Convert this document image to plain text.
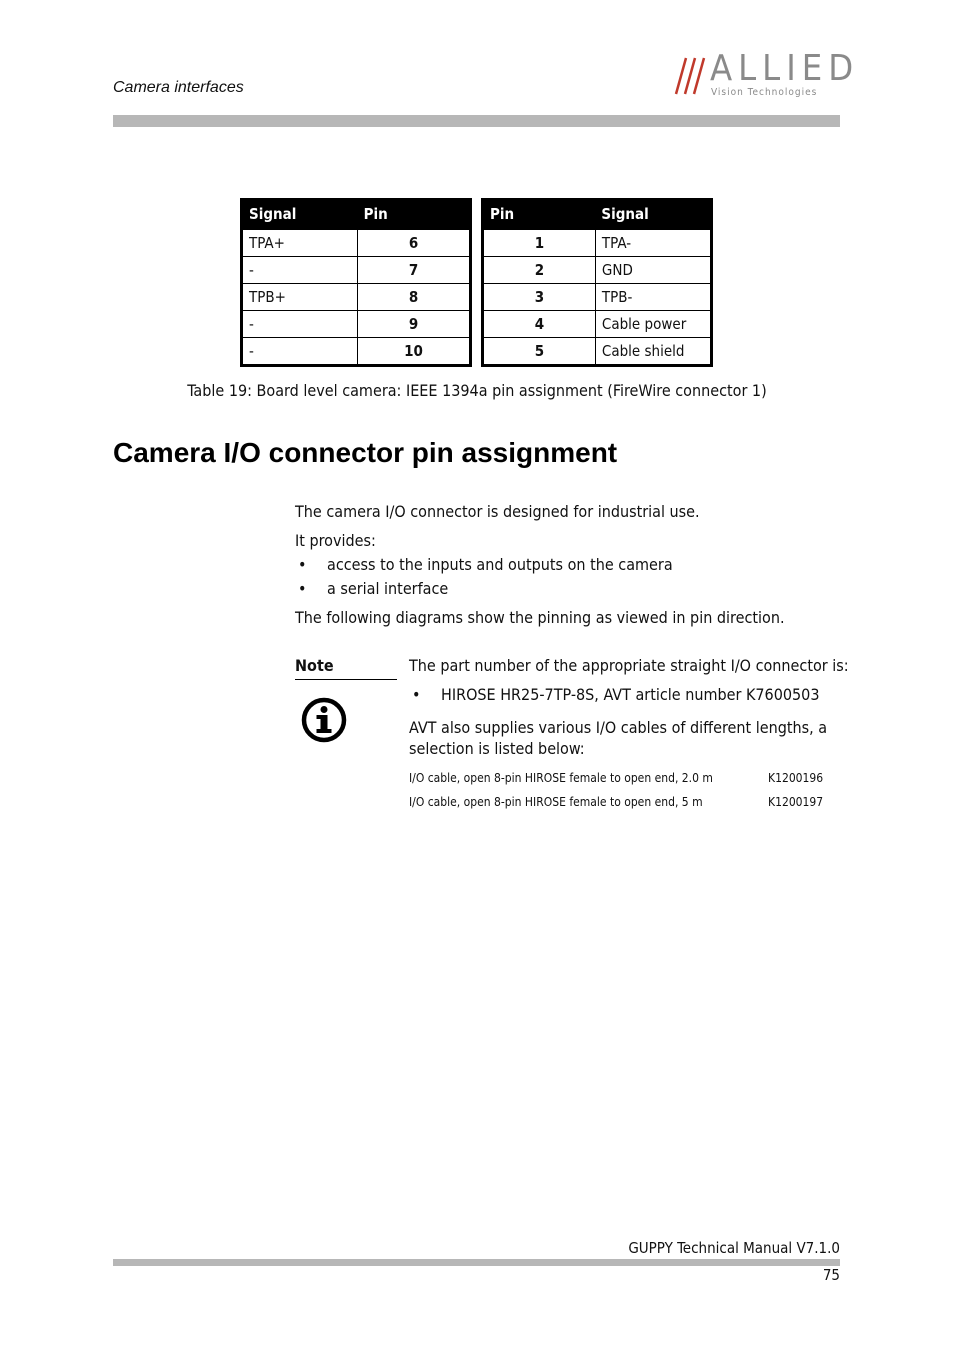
Camera interfaces	ALLIED
Vision Technologies
Signal	Pin
TPA+	6
-	7
TPB+	8
-	9
-	10
Pin	Signal
1	TPA-
2	GND
3	TPB-
4	Cable power
5	Cable shield
Table 19: Board level camera: IEEE 1394a pin assignment (FireWire connector 1)
Camera I/O connector pin assignment
The camera I/O connector is designed for industrial use.
It provides:
• access to the inputs and outputs on the camera
• a serial interface
The following diagrams show the pinning as viewed in pin direction.
Note	The part number of the appropriate straight I/O connector is:
• HIROSE HR25-7TP-8S, AVT article number K7600503
AVT also supplies various I/O cables of different lengths, a selection is listed below:
I/O cable, open 8-pin HIROSE female to open end, 2.0 m	K1200196
I/O cable, open 8-pin HIROSE female to open end, 5 m	K1200197
GUPPY Technical Manual V7.1.0
75
